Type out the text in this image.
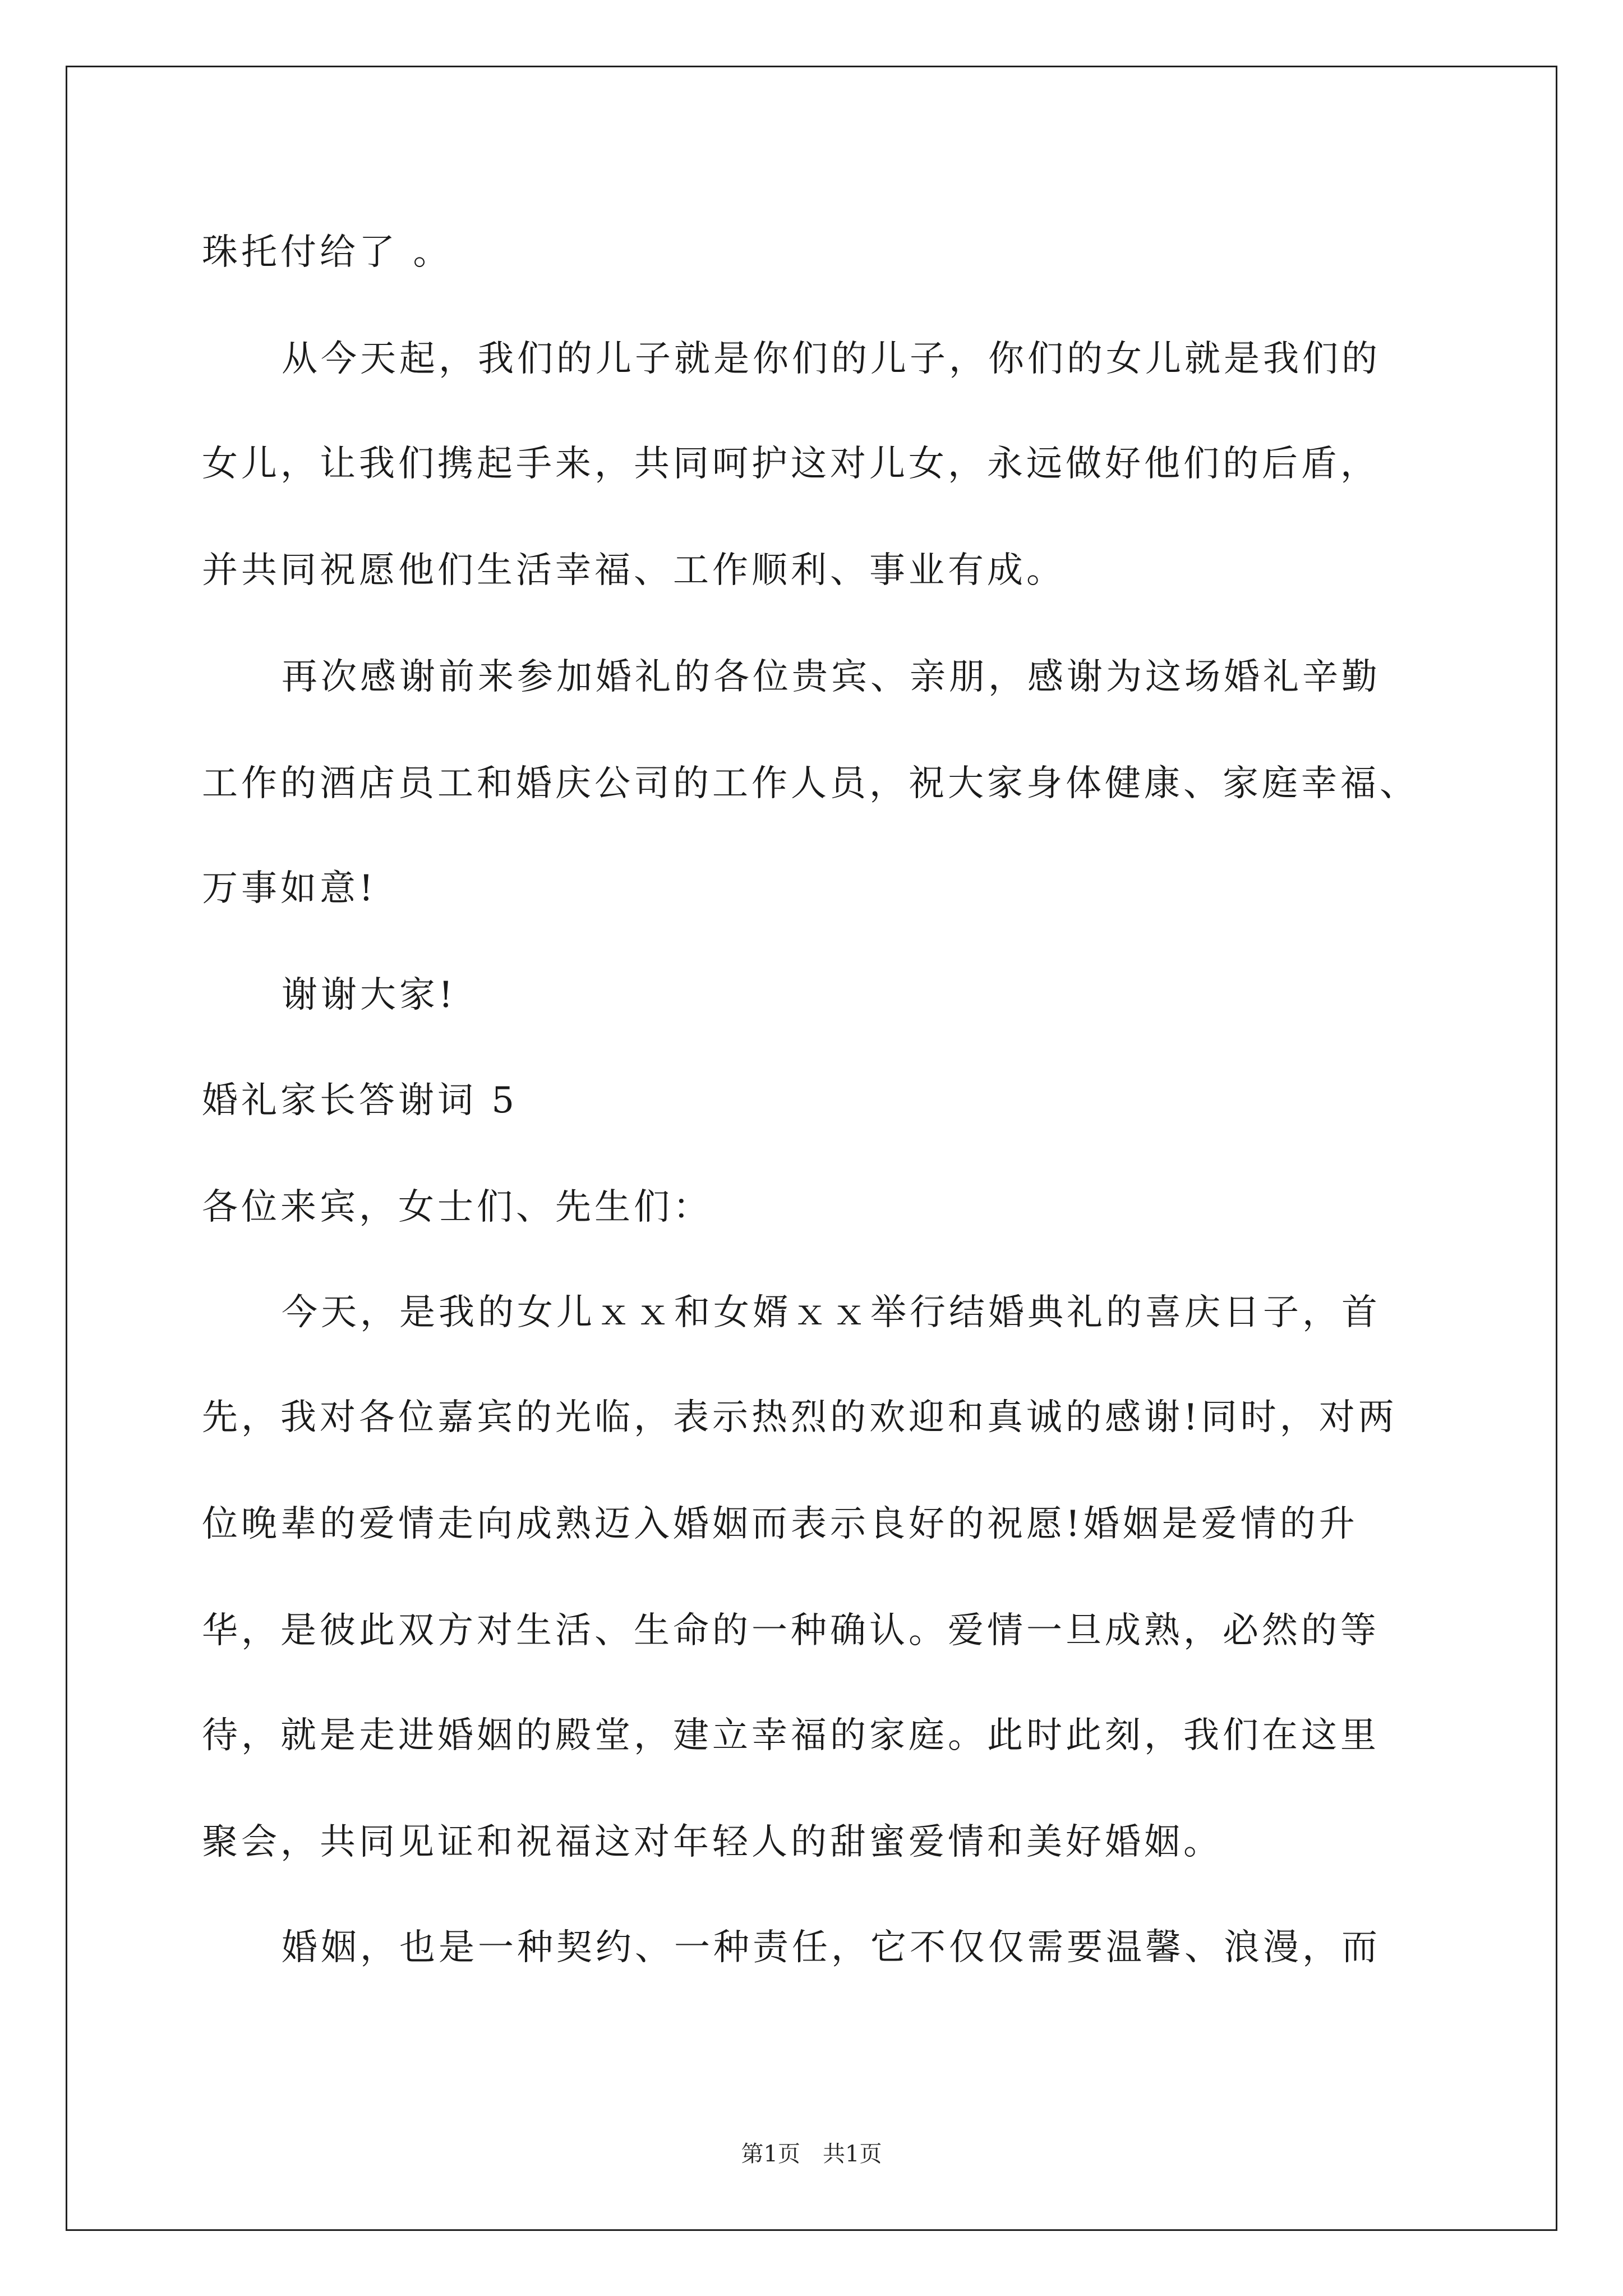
珠托付给了 。
从今天起，我们的儿子就是你们的儿子，你们的女儿就是我们的
女儿，让我们携起手来，共同呵护这对儿女，永远做好他们的后盾，
并共同祝愿他们生活幸福、工作顺利、事业有成。
再次感谢前来参加婚礼的各位贵宾、亲朋，感谢为这场婚礼辛勤
工作的酒店员工和婚庆公司的工作人员，祝大家身体健康、家庭幸福、
万事如意!
谢谢大家!
婚礼家长答谢词 5
各位来宾，女士们、先生们：
今天，是我的女儿ｘｘ和女婿ｘｘ举行结婚典礼的喜庆日子，首
先，我对各位嘉宾的光临，表示热烈的欢迎和真诚的感谢!同时，对两
位晚辈的爱情走向成熟迈入婚姻而表示良好的祝愿!婚姻是爱情的升
华，是彼此双方对生活、生命的一种确认。爱情一旦成熟，必然的等
待，就是走进婚姻的殿堂，建立幸福的家庭。此时此刻，我们在这里
聚会，共同见证和祝福这对年轻人的甜蜜爱情和美好婚姻。
婚姻，也是一种契约、一种责任，它不仅仅需要温馨、浪漫，而
第1页　共1页
